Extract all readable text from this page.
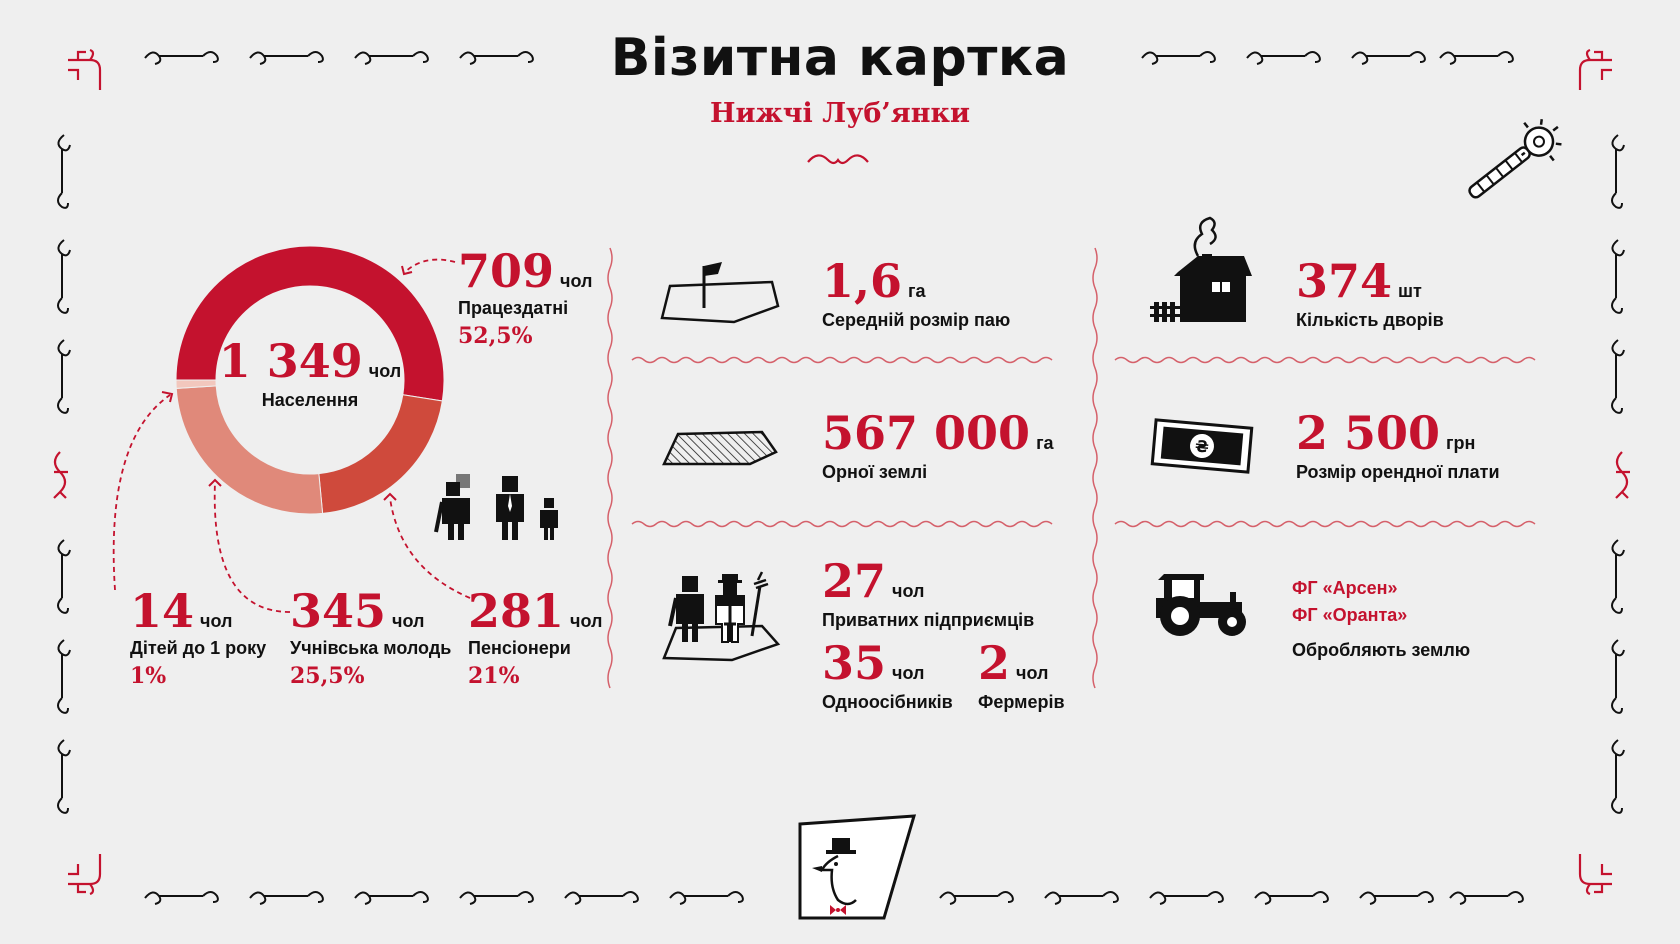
Візитна картка
Нижчі Луб’янки
1 349 чол
Населення
709 чол
Працездатні
52,5%
14 чол
Дітей до 1 року
1%
345 чол
Учнівська молодь
25,5%
281 чол
Пенсіонери
21%
1,6 га
Середній розмір паю
567 000 га
Орної землі
27 чол
Приватних підприємців
35 чол
Одноосібників
2 чол
Фермерів
374 шт
Кількість дворів
₴ 2 500 грн
Розмір орендної плати
ФГ «Арсен»
ФГ «Оранта»
Обробляють землю
